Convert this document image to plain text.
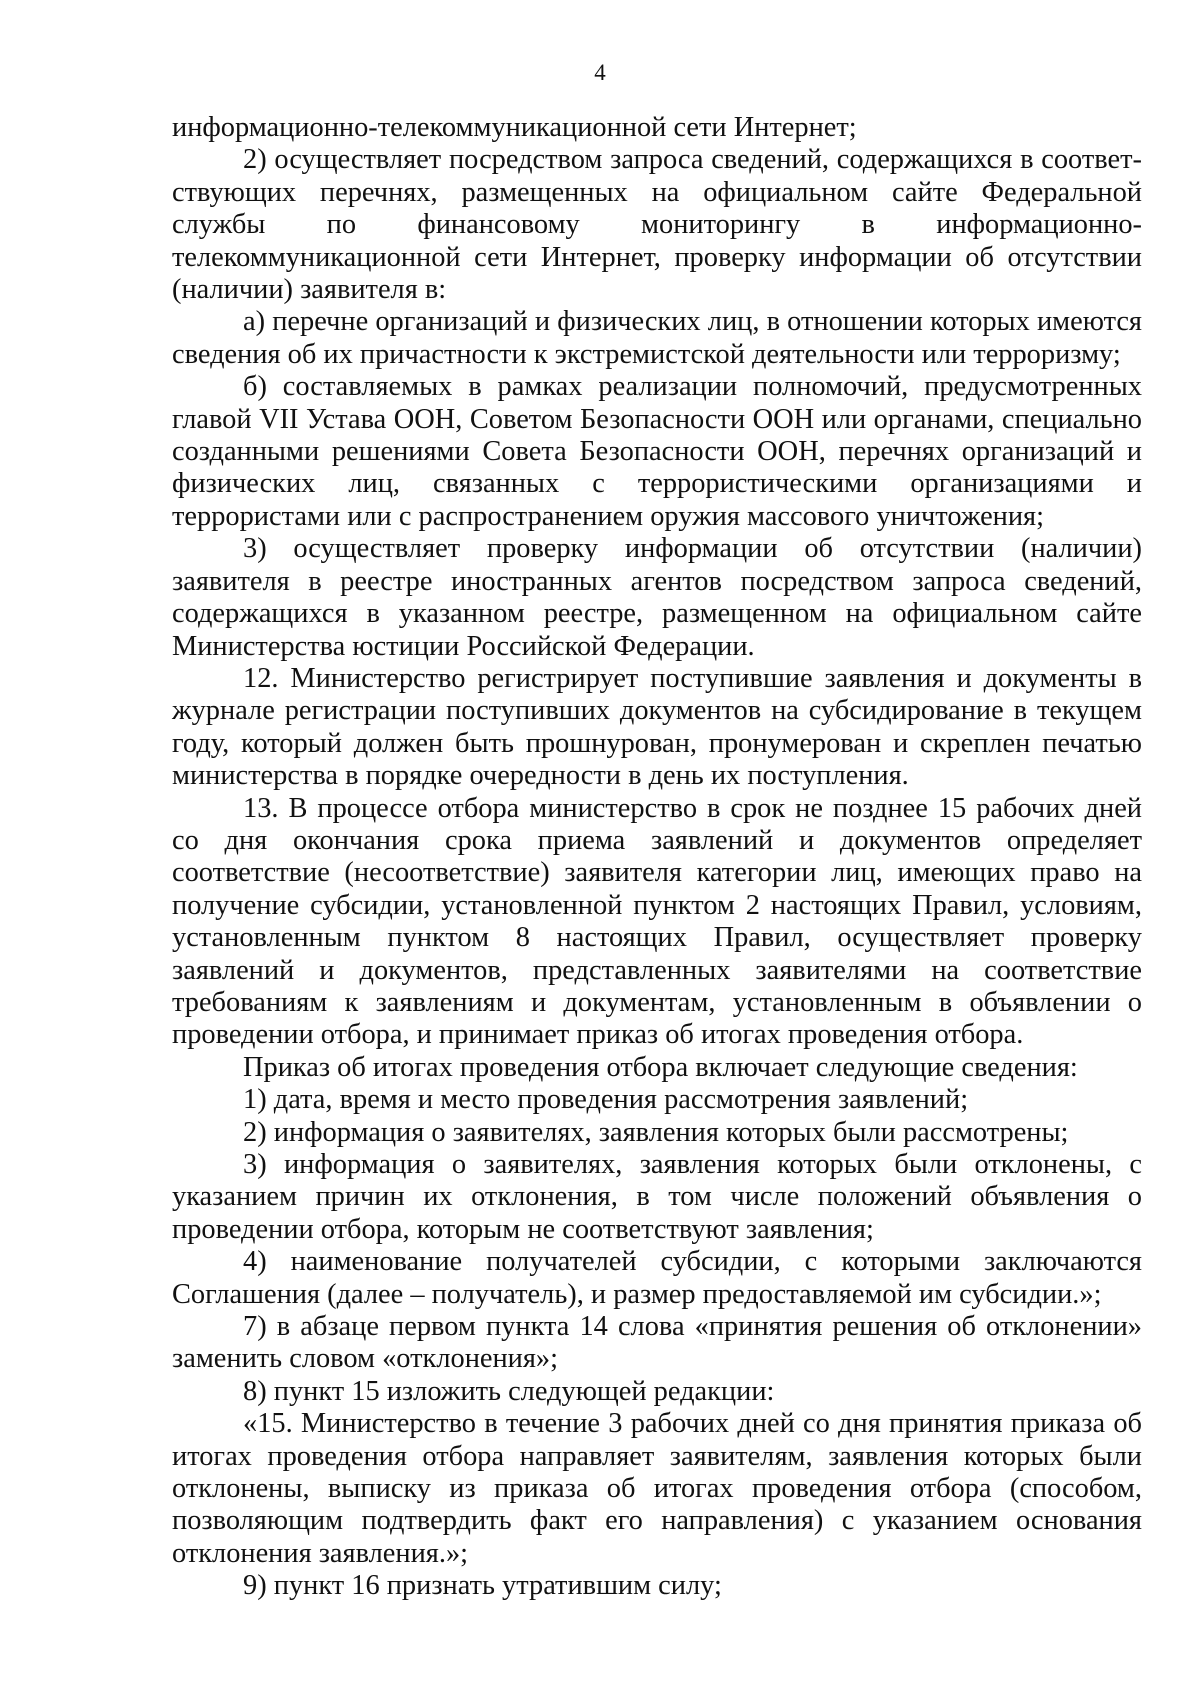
4

информационно-телекоммуникационной сети Интернет;

2) осуществляет посредством запроса сведений, содержащихся в соответ-ствующих перечнях, размещенных на официальном сайте Федеральной службы по финансовому мониторингу в информационно-телекоммуникационной сети Интернет, проверку информации об отсутствии (наличии) заявителя в:

а) перечне организаций и физических лиц, в отношении которых имеются сведения об их причастности к экстремистской деятельности или терроризму;

б) составляемых в рамках реализации полномочий, предусмотренных главой VII Устава ООН, Советом Безопасности ООН или органами, специально созданными решениями Совета Безопасности ООН, перечнях организаций и физических лиц, связанных с террористическими организациями и террористами или с распространением оружия массового уничтожения;

3) осуществляет проверку информации об отсутствии (наличии) заявителя в реестре иностранных агентов посредством запроса сведений, содержащихся в указанном реестре, размещенном на официальном сайте Министерства юстиции Российской Федерации.

12. Министерство регистрирует поступившие заявления и документы в журнале регистрации поступивших документов на субсидирование в текущем году, который должен быть прошнурован, пронумерован и скреплен печатью министерства в порядке очередности в день их поступления.

13. В процессе отбора министерство в срок не позднее 15 рабочих дней со дня окончания срока приема заявлений и документов определяет соответствие (несоответствие) заявителя категории лиц, имеющих право на получение субсидии, установленной пунктом 2 настоящих Правил, условиям, установленным пунктом 8 настоящих Правил, осуществляет проверку заявлений и документов, представленных заявителями на соответствие требованиям к заявлениям и документам, установленным в объявлении о проведении отбора, и принимает приказ об итогах проведения отбора.

Приказ об итогах проведения отбора включает следующие сведения:

1) дата, время и место проведения рассмотрения заявлений;

2) информация о заявителях, заявления которых были рассмотрены;

3) информация о заявителях, заявления которых были отклонены, с указанием причин их отклонения, в том числе положений объявления о проведении отбора, которым не соответствуют заявления;

4) наименование получателей субсидии, с которыми заключаются Соглашения (далее – получатель), и размер предоставляемой им субсидии.»;

7) в абзаце первом пункта 14 слова «принятия решения об отклонении» заменить словом «отклонения»;

8) пункт 15 изложить следующей редакции:

«15. Министерство в течение 3 рабочих дней со дня принятия приказа об итогах проведения отбора направляет заявителям, заявления которых были отклонены, выписку из приказа об итогах проведения отбора (способом, позволяющим подтвердить факт его направления) с указанием основания отклонения заявления.»;

9) пункт 16 признать утратившим силу;
